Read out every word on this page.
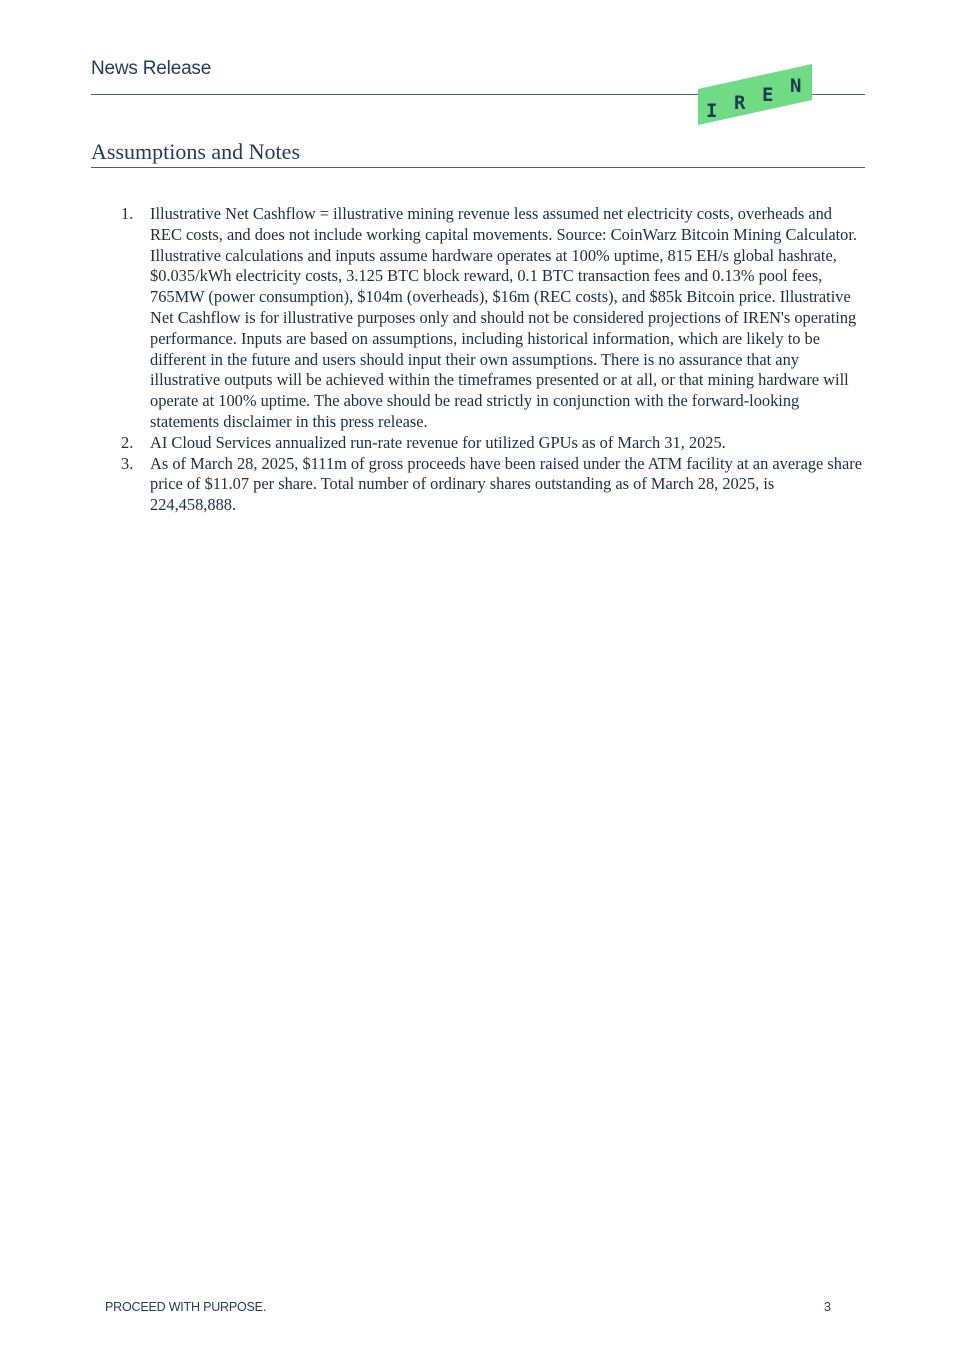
News Release
I R E N
Assumptions and Notes
1. Illustrative Net Cashflow = illustrative mining revenue less assumed net electricity costs, overheads and REC costs, and does not include working capital movements. Source: CoinWarz Bitcoin Mining Calculator. Illustrative calculations and inputs assume hardware operates at 100% uptime, 815 EH/s global hashrate, $0.035/kWh electricity costs, 3.125 BTC block reward, 0.1 BTC transaction fees and 0.13% pool fees, 765MW (power consumption), $104m (overheads), $16m (REC costs), and $85k Bitcoin price. Illustrative Net Cashflow is for illustrative purposes only and should not be considered projections of IREN's operating performance. Inputs are based on assumptions, including historical information, which are likely to be different in the future and users should input their own assumptions. There is no assurance that any illustrative outputs will be achieved within the timeframes presented or at all, or that mining hardware will operate at 100% uptime. The above should be read strictly in conjunction with the forward-looking statements disclaimer in this press release.
2. AI Cloud Services annualized run-rate revenue for utilized GPUs as of March 31, 2025.
3. As of March 28, 2025, $111m of gross proceeds have been raised under the ATM facility at an average share price of $11.07 per share. Total number of ordinary shares outstanding as of March 28, 2025, is 224,458,888.
PROCEED WITH PURPOSE.	3
